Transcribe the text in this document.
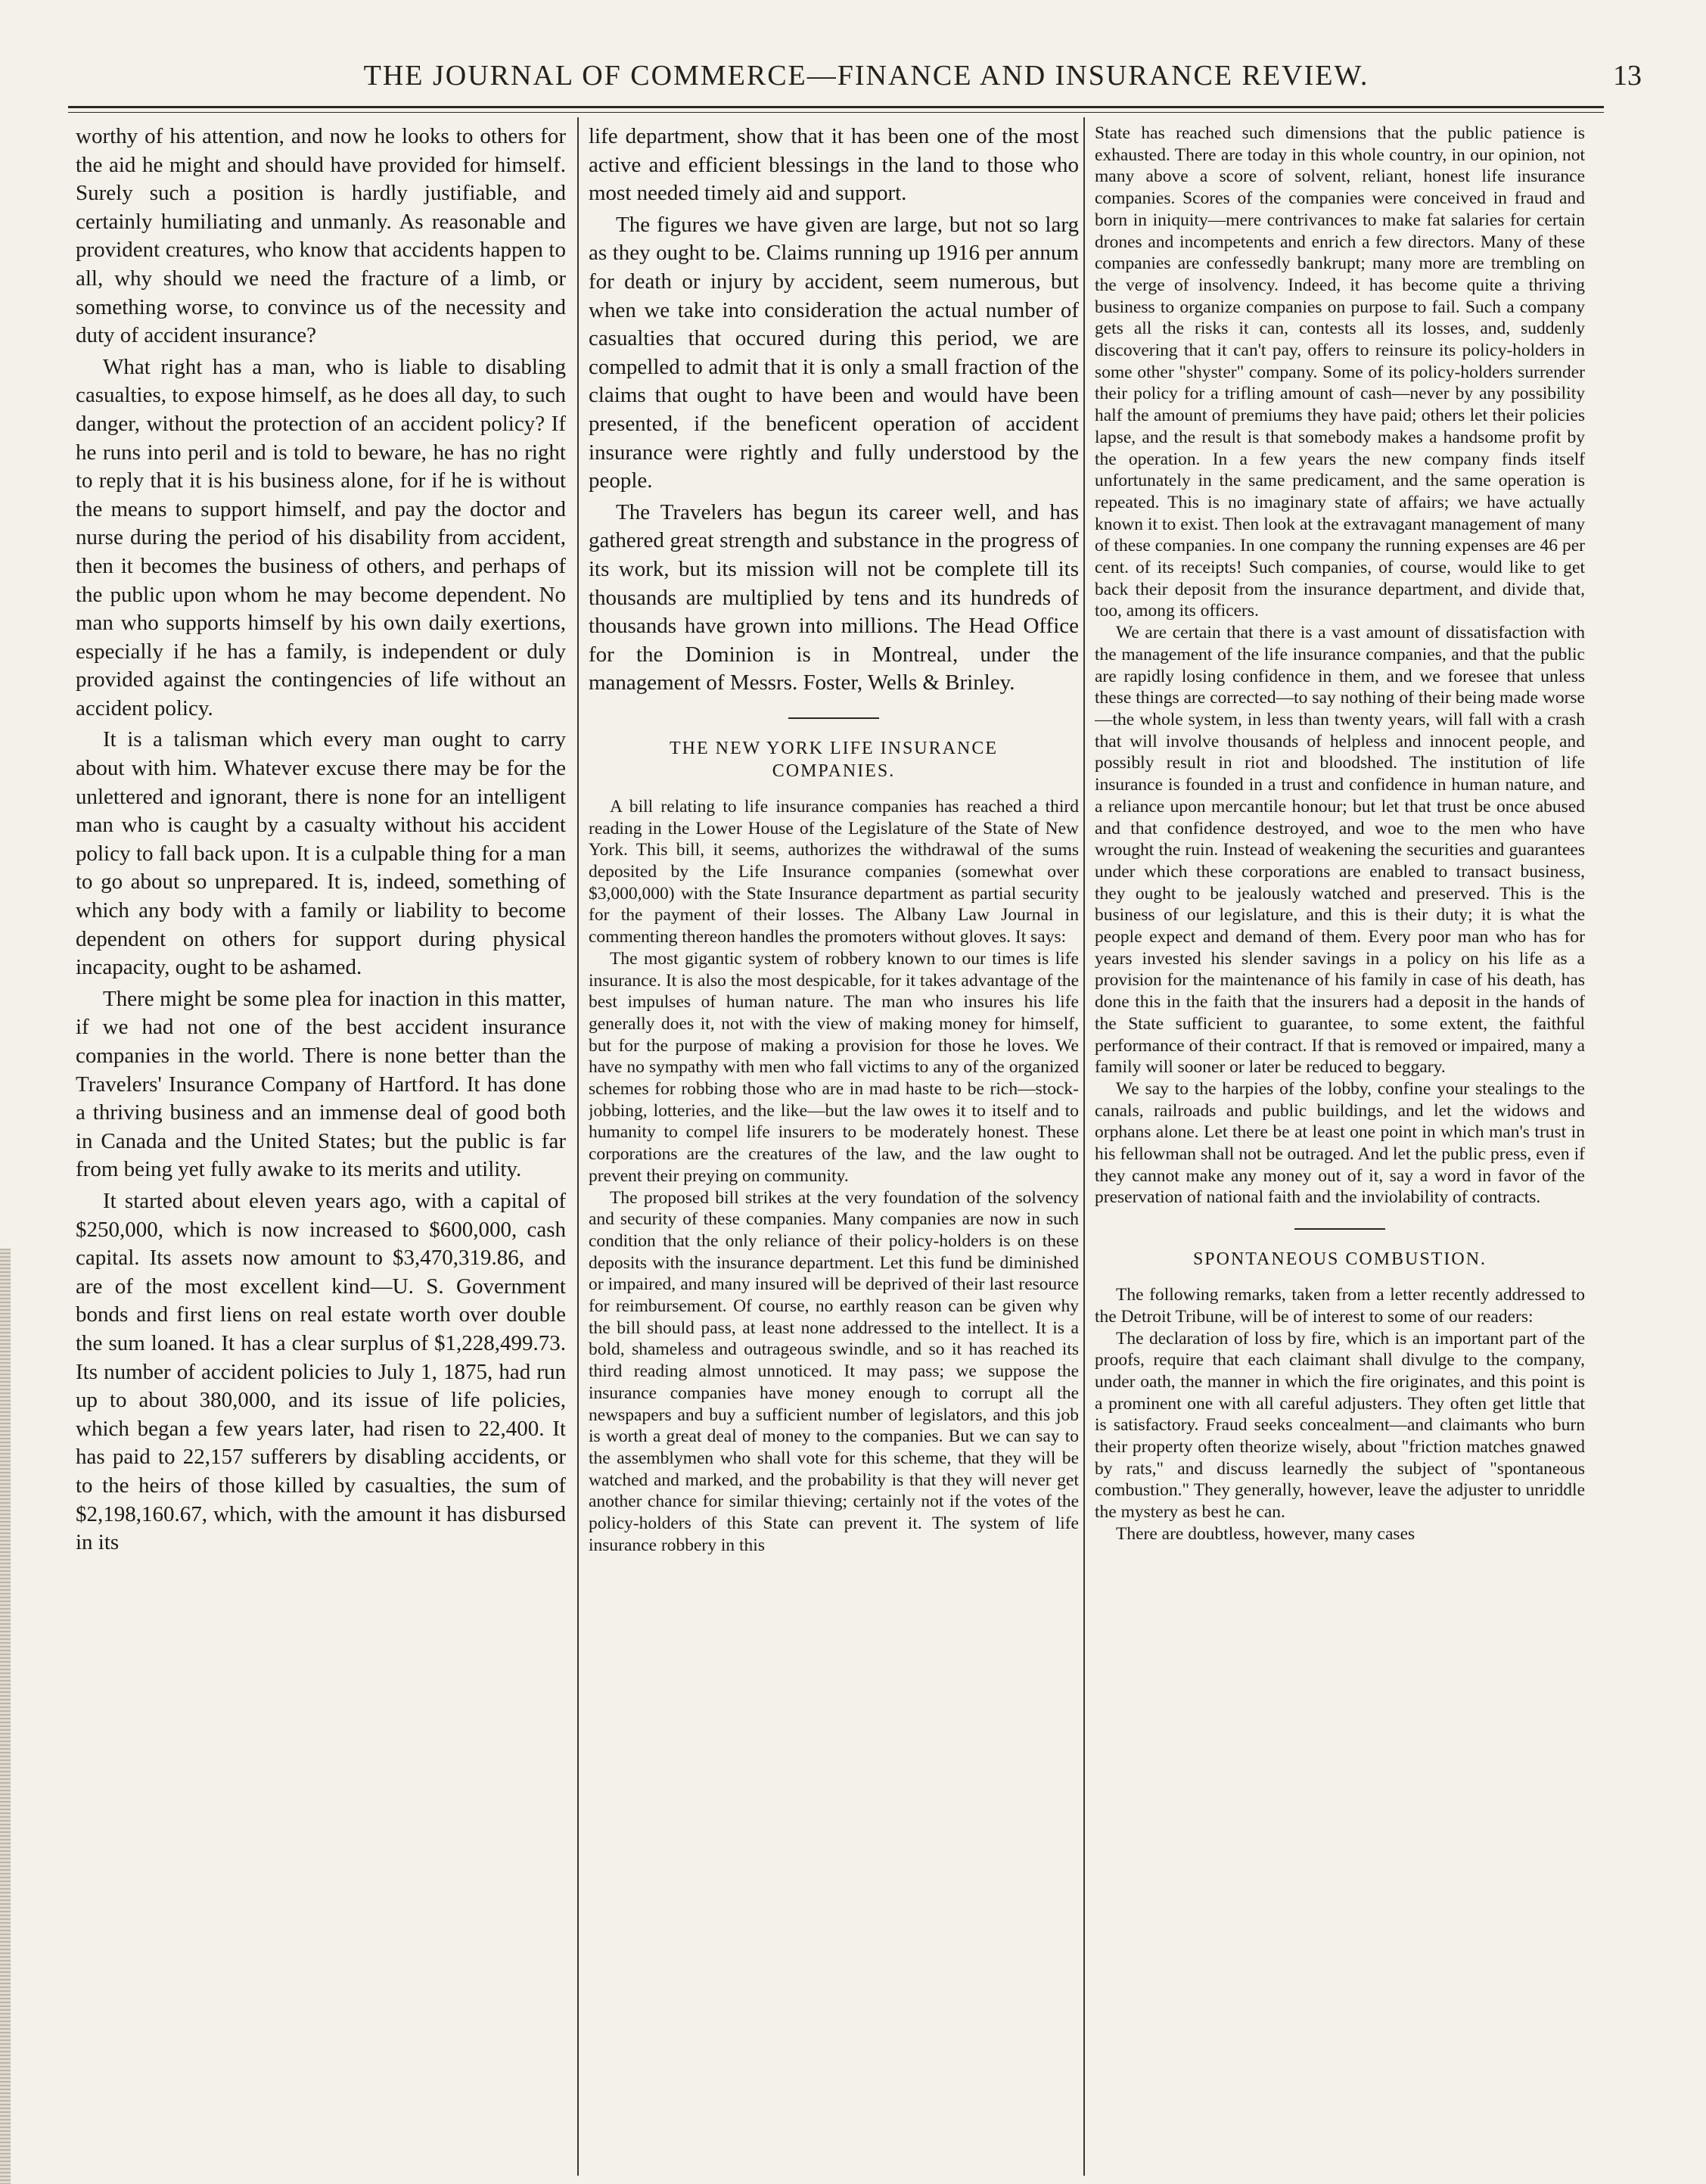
THE JOURNAL OF COMMERCE—FINANCE AND INSURANCE REVIEW.	13

worthy of his attention, and now he looks to others for the aid he might and should have provided for himself. Surely such a position is hardly justifiable, and certainly humiliating and unmanly. As reasonable and provident creatures, who know that accidents happen to all, why should we need the fracture of a limb, or something worse, to convince us of the necessity and duty of accident insurance?

What right has a man, who is liable to disabling casualties, to expose himself, as he does all day, to such danger, without the protection of an accident policy? If he runs into peril and is told to beware, he has no right to reply that it is his business alone, for if he is without the means to support himself, and pay the doctor and nurse during the period of his disability from accident, then it becomes the business of others, and perhaps of the public upon whom he may become dependent. No man who supports himself by his own daily exertions, especially if he has a family, is independent or duly provided against the contingencies of life without an accident policy.

It is a talisman which every man ought to carry about with him. Whatever excuse there may be for the unlettered and ignorant, there is none for an intelligent man who is caught by a casualty without his accident policy to fall back upon. It is a culpable thing for a man to go about so unprepared. It is, indeed, something of which any body with a family or liability to become dependent on others for support during physical incapacity, ought to be ashamed.

There might be some plea for inaction in this matter, if we had not one of the best accident insurance companies in the world. There is none better than the Travelers' Insurance Company of Hartford. It has done a thriving business and an immense deal of good both in Canada and the United States; but the public is far from being yet fully awake to its merits and utility.

It started about eleven years ago, with a capital of $250,000, which is now increased to $600,000, cash capital. Its assets now amount to $3,470,319.86, and are of the most excellent kind—U. S. Government bonds and first liens on real estate worth over double the sum loaned. It has a clear surplus of $1,228,499.73. Its number of accident policies to July 1, 1875, had run up to about 380,000, and its issue of life policies, which began a few years later, had risen to 22,400. It has paid to 22,157 sufferers by disabling accidents, or to the heirs of those killed by casualties, the sum of $2,198,160.67, which, with the amount it has disbursed in its

life department, show that it has been one of the most active and efficient blessings in the land to those who most needed timely aid and support.

The figures we have given are large, but not so larg as they ought to be. Claims running up 1916 per annum for death or injury by accident, seem numerous, but when we take into consideration the actual number of casualties that occured during this period, we are compelled to admit that it is only a small fraction of the claims that ought to have been and would have been presented, if the beneficent operation of accident insurance were rightly and fully understood by the people.

The Travelers has begun its career well, and has gathered great strength and substance in the progress of its work, but its mission will not be complete till its thousands are multiplied by tens and its hundreds of thousands have grown into millions. The Head Office for the Dominion is in Montreal, under the management of Messrs. Foster, Wells & Brinley.

THE NEW YORK LIFE INSURANCE COMPANIES.

A bill relating to life insurance companies has reached a third reading in the Lower House of the Legislature of the State of New York. This bill, it seems, authorizes the withdrawal of the sums deposited by the Life Insurance companies (somewhat over $3,000,000) with the State Insurance department as partial security for the payment of their losses. The Albany Law Journal in commenting thereon handles the promoters without gloves. It says:

The most gigantic system of robbery known to our times is life insurance. It is also the most despicable, for it takes advantage of the best impulses of human nature. The man who insures his life generally does it, not with the view of making money for himself, but for the purpose of making a provision for those he loves. We have no sympathy with men who fall victims to any of the organized schemes for robbing those who are in mad haste to be rich—stock-jobbing, lotteries, and the like—but the law owes it to itself and to humanity to compel life insurers to be moderately honest. These corporations are the creatures of the law, and the law ought to prevent their preying on community.

The proposed bill strikes at the very foundation of the solvency and security of these companies. Many companies are now in such condition that the only reliance of their policy-holders is on these deposits with the insurance department. Let this fund be diminished or impaired, and many insured will be deprived of their last resource for reimbursement. Of course, no earthly reason can be given why the bill should pass, at least none addressed to the intellect. It is a bold, shameless and outrageous swindle, and so it has reached its third reading almost unnoticed. It may pass; we suppose the insurance companies have money enough to corrupt all the newspapers and buy a sufficient number of legislators, and this job is worth a great deal of money to the companies. But we can say to the assemblymen who shall vote for this scheme, that they will be watched and marked, and the probability is that they will never get another chance for similar thieving; certainly not if the votes of the policy-holders of this State can prevent it. The system of life insurance robbery in this

State has reached such dimensions that the public patience is exhausted. There are today in this whole country, in our opinion, not many above a score of solvent, reliant, honest life insurance companies. Scores of the companies were conceived in fraud and born in iniquity—mere contrivances to make fat salaries for certain drones and incompetents and enrich a few directors. Many of these companies are confessedly bankrupt; many more are trembling on the verge of insolvency. Indeed, it has become quite a thriving business to organize companies on purpose to fail. Such a company gets all the risks it can, contests all its losses, and, suddenly discovering that it can't pay, offers to reinsure its policy-holders in some other "shyster" company. Some of its policy-holders surrender their policy for a trifling amount of cash—never by any possibility half the amount of premiums they have paid; others let their policies lapse, and the result is that somebody makes a handsome profit by the operation. In a few years the new company finds itself unfortunately in the same predicament, and the same operation is repeated. This is no imaginary state of affairs; we have actually known it to exist. Then look at the extravagant management of many of these companies. In one company the running expenses are 46 per cent. of its receipts! Such companies, of course, would like to get back their deposit from the insurance department, and divide that, too, among its officers.

We are certain that there is a vast amount of dissatisfaction with the management of the life insurance companies, and that the public are rapidly losing confidence in them, and we foresee that unless these things are corrected—to say nothing of their being made worse—the whole system, in less than twenty years, will fall with a crash that will involve thousands of helpless and innocent people, and possibly result in riot and bloodshed. The institution of life insurance is founded in a trust and confidence in human nature, and a reliance upon mercantile honour; but let that trust be once abused and that confidence destroyed, and woe to the men who have wrought the ruin. Instead of weakening the securities and guarantees under which these corporations are enabled to transact business, they ought to be jealously watched and preserved. This is the business of our legislature, and this is their duty; it is what the people expect and demand of them. Every poor man who has for years invested his slender savings in a policy on his life as a provision for the maintenance of his family in case of his death, has done this in the faith that the insurers had a deposit in the hands of the State sufficient to guarantee, to some extent, the faithful performance of their contract. If that is removed or impaired, many a family will sooner or later be reduced to beggary.

We say to the harpies of the lobby, confine your stealings to the canals, railroads and public buildings, and let the widows and orphans alone. Let there be at least one point in which man's trust in his fellowman shall not be outraged. And let the public press, even if they cannot make any money out of it, say a word in favor of the preservation of national faith and the inviolability of contracts.

SPONTANEOUS COMBUSTION.

The following remarks, taken from a letter recently addressed to the Detroit Tribune, will be of interest to some of our readers:

The declaration of loss by fire, which is an important part of the proofs, require that each claimant shall divulge to the company, under oath, the manner in which the fire originates, and this point is a prominent one with all careful adjusters. They often get little that is satisfactory. Fraud seeks concealment—and claimants who burn their property often theorize wisely, about "friction matches gnawed by rats," and discuss learnedly the subject of "spontaneous combustion." They generally, however, leave the adjuster to unriddle the mystery as best he can.

There are doubtless, however, many cases
